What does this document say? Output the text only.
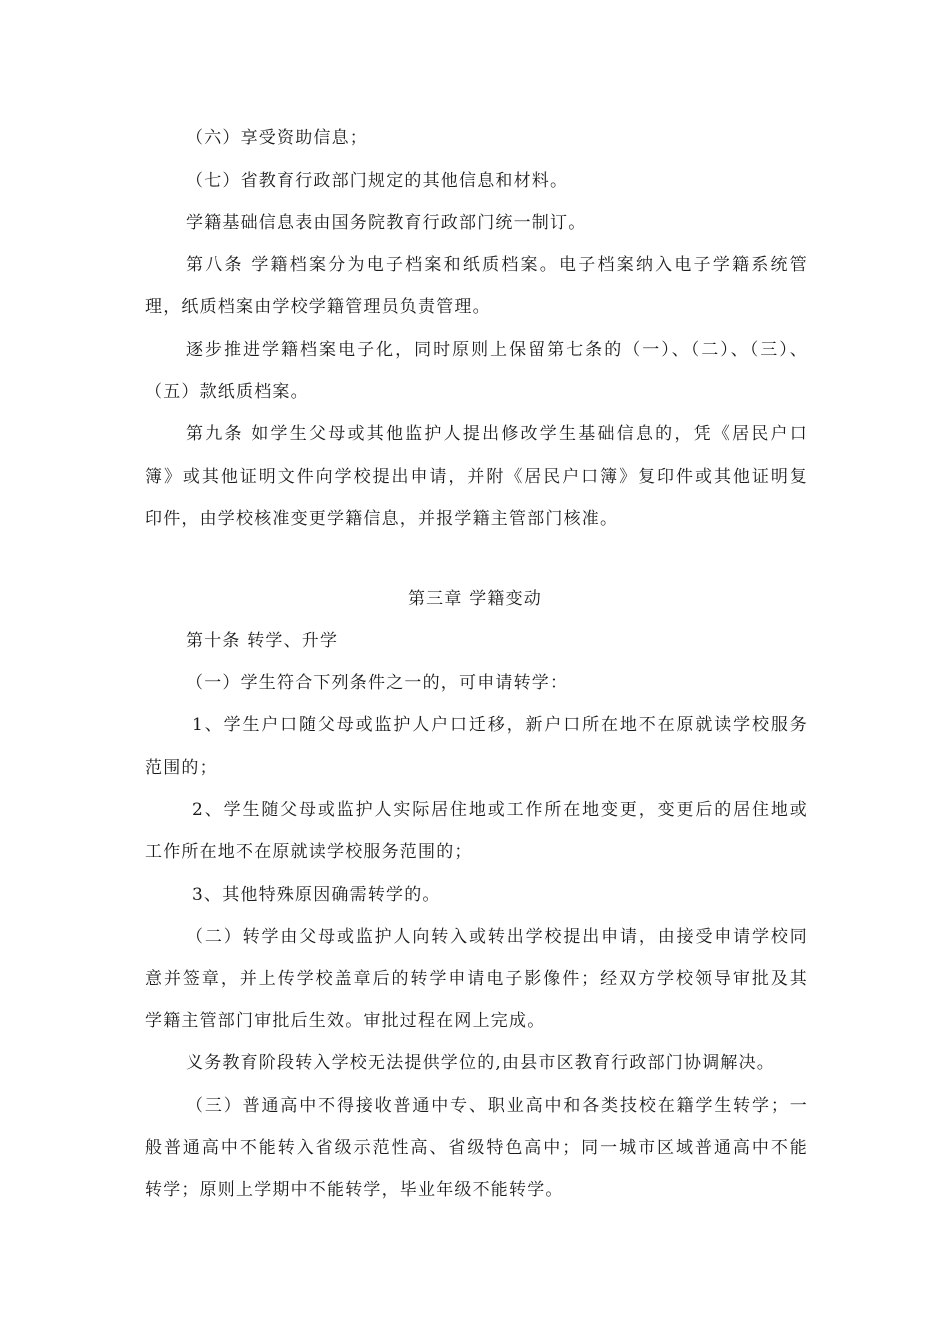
（六）享受资助信息；
（七）省教育行政部门规定的其他信息和材料。
学籍基础信息表由国务院教育行政部门统一制订。
第八条 学籍档案分为电子档案和纸质档案。电子档案纳入电子学籍系统管
理，纸质档案由学校学籍管理员负责管理。
逐步推进学籍档案电子化，同时原则上保留第七条的（一）、（二）、（三）、
（五）款纸质档案。
第九条 如学生父母或其他监护人提出修改学生基础信息的，凭《居民户口
簿》或其他证明文件向学校提出申请，并附《居民户口簿》复印件或其他证明复
印件，由学校核准变更学籍信息，并报学籍主管部门核准。
第三章 学籍变动
第十条 转学、升学
（一）学生符合下列条件之一的，可申请转学：
1、学生户口随父母或监护人户口迁移，新户口所在地不在原就读学校服务
范围的；
2、学生随父母或监护人实际居住地或工作所在地变更，变更后的居住地或
工作所在地不在原就读学校服务范围的；
3、其他特殊原因确需转学的。
（二）转学由父母或监护人向转入或转出学校提出申请，由接受申请学校同
意并签章，并上传学校盖章后的转学申请电子影像件；经双方学校领导审批及其
学籍主管部门审批后生效。审批过程在网上完成。
义务教育阶段转入学校无法提供学位的,由县市区教育行政部门协调解决。
（三）普通高中不得接收普通中专、职业高中和各类技校在籍学生转学；一
般普通高中不能转入省级示范性高、省级特色高中；同一城市区域普通高中不能
转学；原则上学期中不能转学，毕业年级不能转学。
